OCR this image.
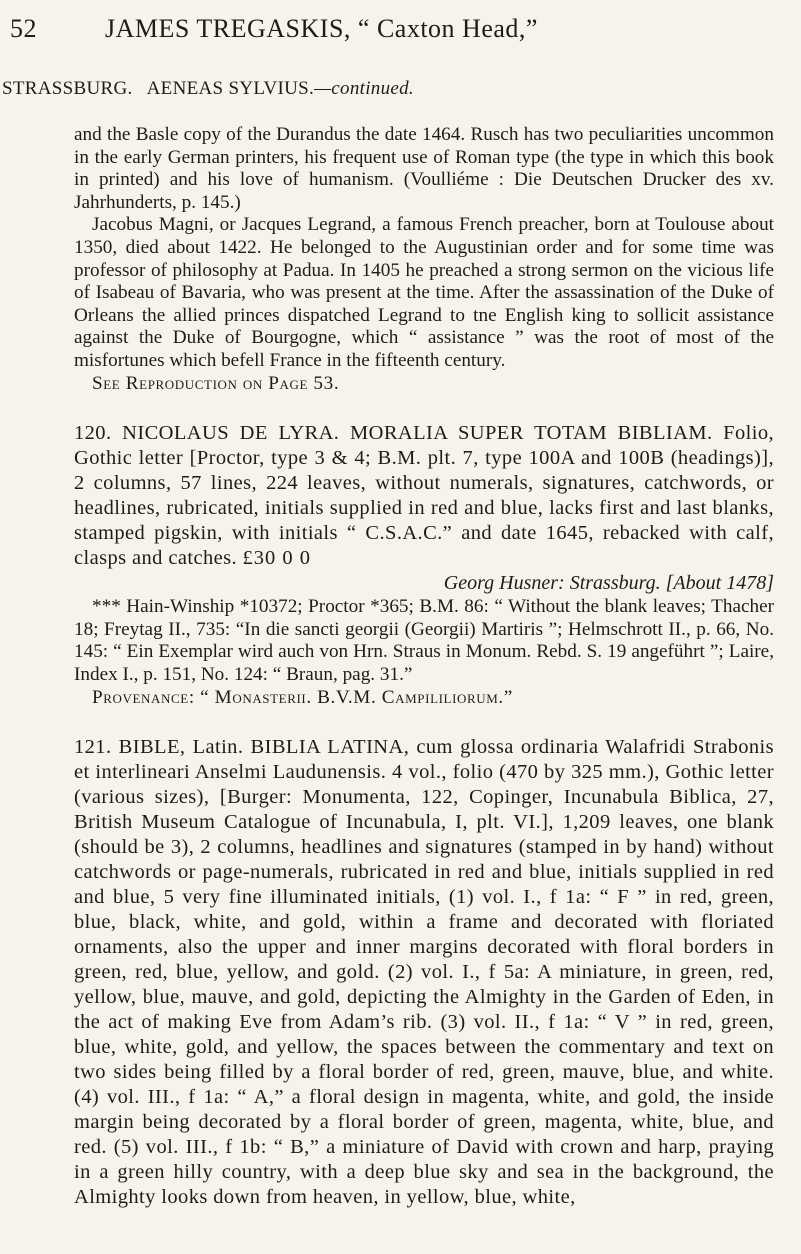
52	JAMES TREGASKIS, “ Caxton Head,”
STRASSBURG. AENEAS SYLVIUS.—continued.

and the Basle copy of the Durandus the date 1464. Rusch has two peculiarities uncommon in the early German printers, his frequent use of Roman type (the type in which this book in printed) and his love of humanism. (Voulliéme : Die Deutschen Drucker des xv. Jahrhunderts, p. 145.)

Jacobus Magni, or Jacques Legrand, a famous French preacher, born at Toulouse about 1350, died about 1422. He belonged to the Augustinian order and for some time was professor of philosophy at Padua. In 1405 he preached a strong sermon on the vicious life of Isabeau of Bavaria, who was present at the time. After the assassination of the Duke of Orleans the allied princes dispatched Legrand to tne English king to sollicit assistance against the Duke of Bourgogne, which “ assistance ” was the root of most of the misfortunes which befell France in the fifteenth century.

See Reproduction on Page 53.

120. NICOLAUS DE LYRA. MORALIA SUPER TOTAM BIBLIAM. Folio, Gothic letter [Proctor, type 3 & 4; B.M. plt. 7, type 100A and 100B (headings)], 2 columns, 57 lines, 224 leaves, without numerals, signatures, catchwords, or headlines, rubricated, initials supplied in red and blue, lacks first and last blanks, stamped pigskin, with initials “ C.S.A.C.” and date 1645, rebacked with calf, clasps and catches. £30 0 0

Georg Husner: Strassburg. [About 1478]

*** Hain-Winship *10372; Proctor *365; B.M. 86: “ Without the blank leaves; Thacher 18; Freytag II., 735: “In die sancti georgii (Georgii) Martiris ”; Helmschrott II., p. 66, No. 145: “ Ein Exemplar wird auch von Hrn. Straus in Monum. Rebd. S. 19 angeführt ”; Laire, Index I., p. 151, No. 124: “ Braun, pag. 31.”

Provenance: “ Monasterii. B.V.M. Campililiorum.”

121. BIBLE, Latin. BIBLIA LATINA, cum glossa ordinaria Walafridi Strabonis et interlineari Anselmi Laudunensis. 4 vol., folio (470 by 325 mm.), Gothic letter (various sizes), [Burger: Monumenta, 122, Copinger, Incunabula Biblica, 27, British Museum Catalogue of Incunabula, I, plt. VI.], 1,209 leaves, one blank (should be 3), 2 columns, headlines and signatures (stamped in by hand) without catchwords or page-numerals, rubricated in red and blue, initials supplied in red and blue, 5 very fine illuminated initials, (1) vol. I., f 1a: “ F ” in red, green, blue, black, white, and gold, within a frame and decorated with floriated ornaments, also the upper and inner margins decorated with floral borders in green, red, blue, yellow, and gold. (2) vol. I., f 5a: A miniature, in green, red, yellow, blue, mauve, and gold, depicting the Almighty in the Garden of Eden, in the act of making Eve from Adam’s rib. (3) vol. II., f 1a: “ V ” in red, green, blue, white, gold, and yellow, the spaces between the commentary and text on two sides being filled by a floral border of red, green, mauve, blue, and white. (4) vol. III., f 1a: “ A,” a floral design in magenta, white, and gold, the inside margin being decorated by a floral border of green, magenta, white, blue, and red. (5) vol. III., f 1b: “ B,” a miniature of David with crown and harp, praying in a green hilly country, with a deep blue sky and sea in the background, the Almighty looks down from heaven, in yellow, blue, white,
